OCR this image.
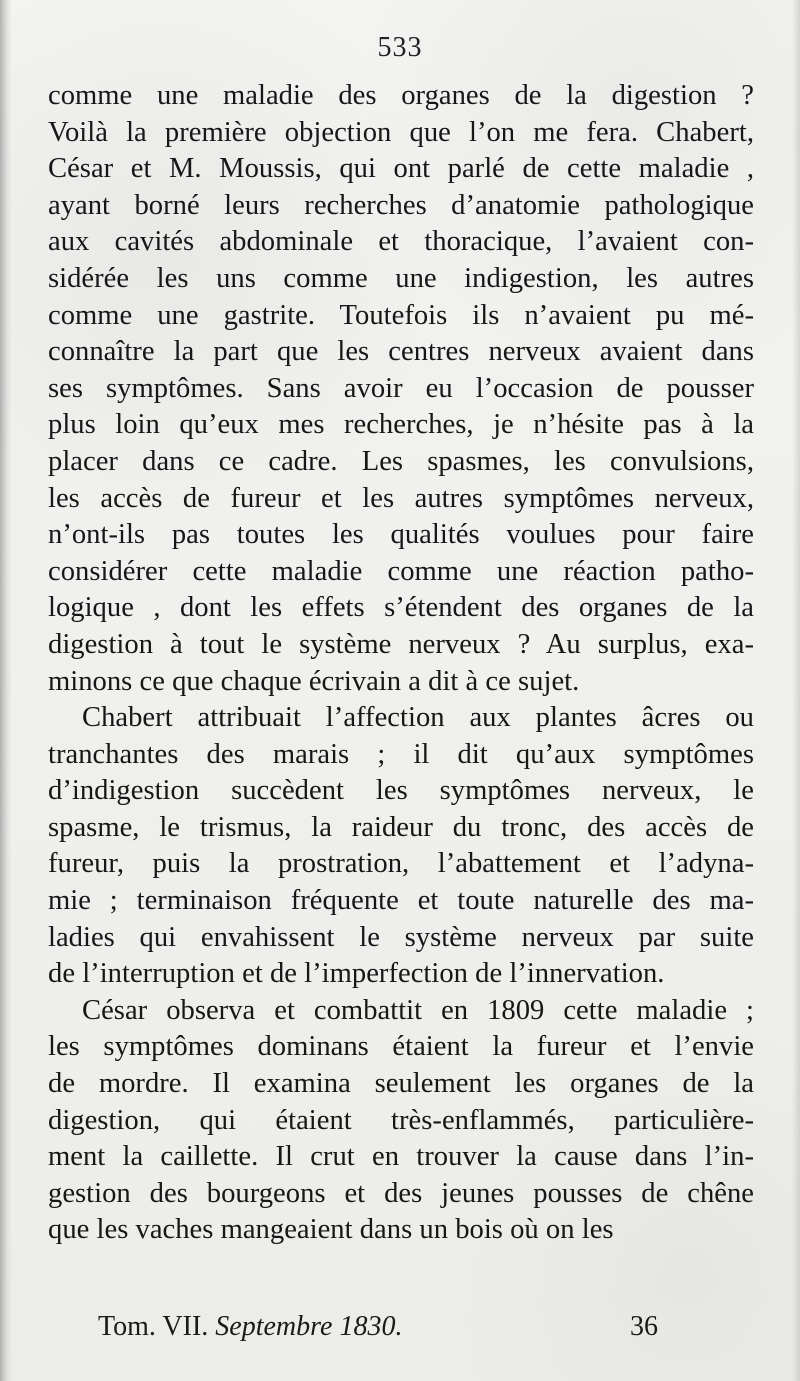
533
comme une maladie des organes de la digestion ?
Voilà la première objection que l’on me fera. Chabert,
César et M. Moussis, qui ont parlé de cette maladie ,
ayant borné leurs recherches d’anatomie pathologique
aux cavités abdominale et thoracique, l’avaient con-
sidérée les uns comme une indigestion, les autres
comme une gastrite. Toutefois ils n’avaient pu mé-
connaître la part que les centres nerveux avaient dans
ses symptômes. Sans avoir eu l’occasion de pousser
plus loin qu’eux mes recherches, je n’hésite pas à la
placer dans ce cadre. Les spasmes, les convulsions,
les accès de fureur et les autres symptômes nerveux,
n’ont-ils pas toutes les qualités voulues pour faire
considérer cette maladie comme une réaction patho-
logique , dont les effets s’étendent des organes de la
digestion à tout le système nerveux ? Au surplus, exa-
minons ce que chaque écrivain a dit à ce sujet.
Chabert attribuait l’affection aux plantes âcres ou
tranchantes des marais ; il dit qu’aux symptômes
d’indigestion succèdent les symptômes nerveux, le
spasme, le trismus, la raideur du tronc, des accès de
fureur, puis la prostration, l’abattement et l’adyna-
mie ; terminaison fréquente et toute naturelle des ma-
ladies qui envahissent le système nerveux par suite
de l’interruption et de l’imperfection de l’innervation.
César observa et combattit en 1809 cette maladie ;
les symptômes dominans étaient la fureur et l’envie
de mordre. Il examina seulement les organes de la
digestion, qui étaient très-enflammés, particulière-
ment la caillette. Il crut en trouver la cause dans l’in-
gestion des bourgeons et des jeunes pousses de chêne
que les vaches mangeaient dans un bois où on les
Tom. VII. Septembre 1830.	36
